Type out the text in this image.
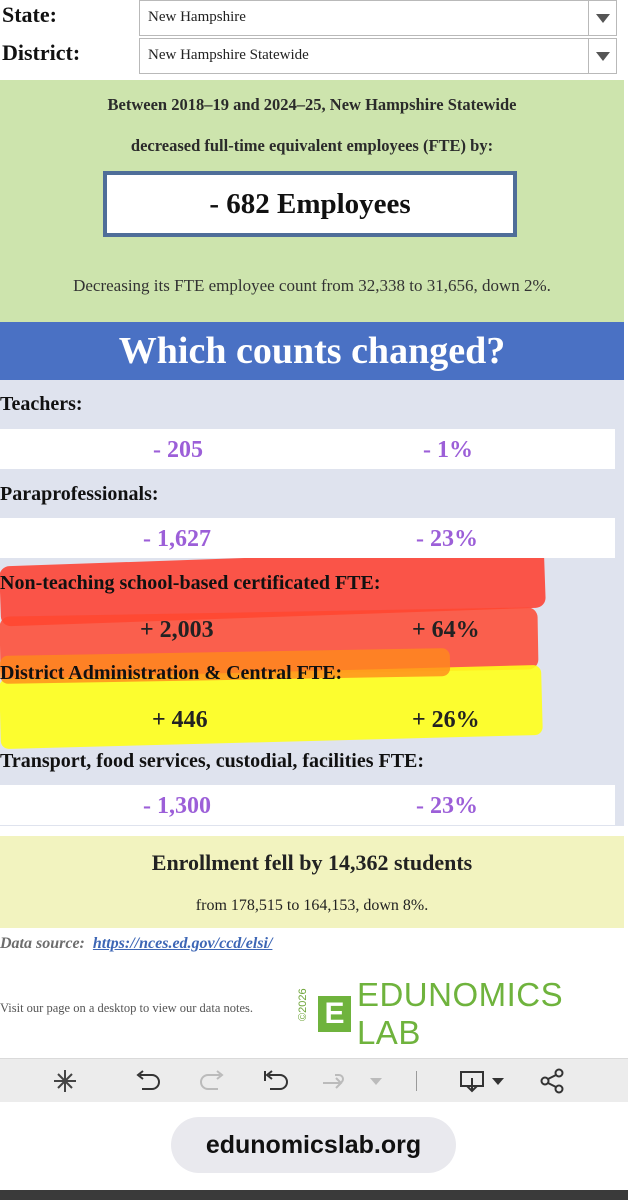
State:	New Hampshire
District:	New Hampshire Statewide
Between 2018–19 and 2024–25, New Hampshire Statewide
decreased full-time equivalent employees (FTE) by:
- 682 Employees
Decreasing its FTE employee count from 32,338 to 31,656, down 2%.
Which counts changed?
Teachers:
- 205	- 1%
Paraprofessionals:
- 1,627	- 23%
Non-teaching school-based certificated FTE:
+ 2,003	+ 64%
District Administration & Central FTE:
+ 446	+ 26%
Transport, food services, custodial, facilities FTE:
- 1,300	- 23%
Enrollment fell by 14,362 students
from 178,515 to 164,153, down 8%.
Data source: https://nces.ed.gov/ccd/elsi/
Visit our page on a desktop to view our data notes.	©2026 E
EDUNOMICS LAB
edunomicslab.org
